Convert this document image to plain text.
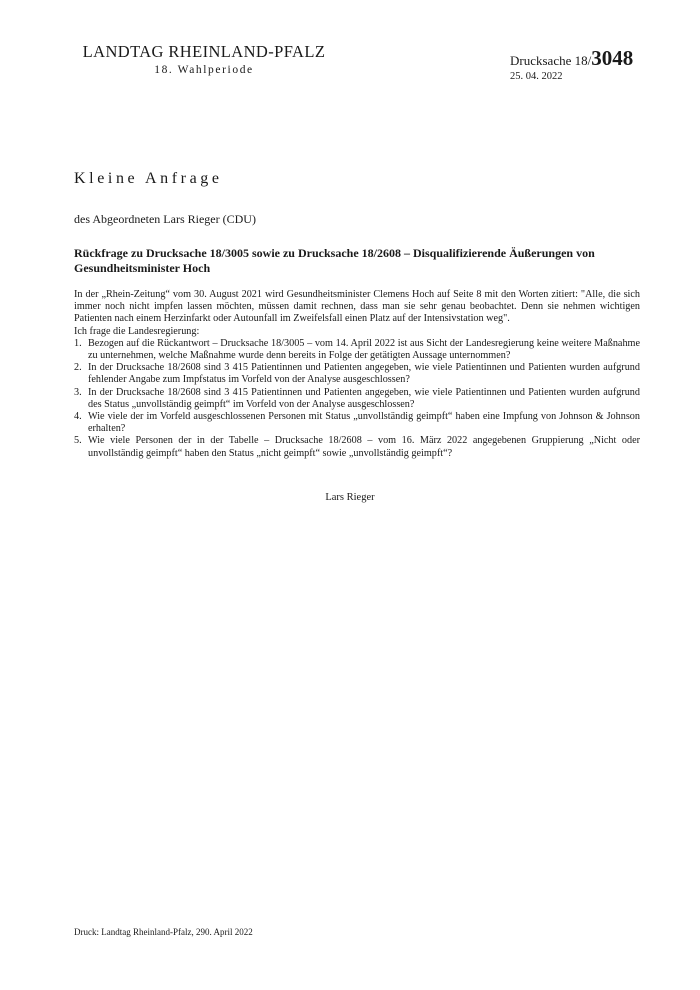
LANDTAG RHEINLAND-PFALZ
18. Wahlperiode
Drucksache 18/3048
25. 04. 2022
Kleine Anfrage
des Abgeordneten Lars Rieger (CDU)
Rückfrage zu Drucksache 18/3005 sowie zu Drucksache 18/2608 – Disqualifizierende Äußerungen von Gesundheitsminister Hoch

In der „Rhein-Zeitung“ vom 30. August 2021 wird Gesundheitsminister Clemens Hoch auf Seite 8 mit den Worten zitiert: "Alle, die sich immer noch nicht impfen lassen möchten, müssen damit rechnen, dass man sie sehr genau beobachtet. Denn sie nehmen wichtigen Patienten nach einem Herzinfarkt oder Autounfall im Zweifelsfall einen Platz auf der Intensivstation weg".

Ich frage die Landesregierung:

1. Bezogen auf die Rückantwort – Drucksache 18/3005 – vom 14. April 2022 ist aus Sicht der Landesregierung keine weitere Maßnahme zu unternehmen, welche Maßnahme wurde denn bereits in Folge der getätigten Aussage unternommen?
2. In der Drucksache 18/2608 sind 3 415 Patientinnen und Patienten angegeben, wie viele Patientinnen und Patienten wurden aufgrund fehlender Angabe zum Impfstatus im Vorfeld von der Analyse ausgeschlossen?
3. In der Drucksache 18/2608 sind 3 415 Patientinnen und Patienten angegeben, wie viele Patientinnen und Patienten wurden aufgrund des Status „unvollständig geimpft“ im Vorfeld von der Analyse ausgeschlossen?
4. Wie viele der im Vorfeld ausgeschlossenen Personen mit Status „unvollständig geimpft“ haben eine Impfung von Johnson & Johnson erhalten?
5. Wie viele Personen der in der Tabelle – Drucksache 18/2608 – vom 16. März 2022 angegebenen Gruppierung „Nicht oder unvollständig geimpft“ haben den Status „nicht geimpft“ sowie „unvollständig geimpft“?
Lars Rieger
Druck: Landtag Rheinland-Pfalz, 290. April 2022
